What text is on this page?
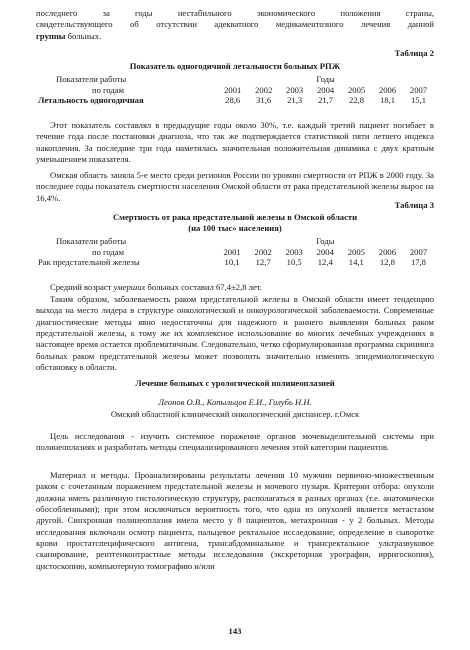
последнего за годы нестабильного экономического положения страны,

свидетельствующего об отсутствии адекватного медикаментозного лечения данной

группы больных.

Таблица 2

Показатель одногодичной летальности больных РПЖ
Показатели работы	Годы						
по годам	2001	2002	2003	2004	2005	2006	2007
Летальность одногодичная	28,6	31,6	21,3	21,7	22,8	18,1	15,1

Этот показатель составлял в предыдущие годы около 30%, т.е. каждый третий пациент погибает в течение года после постановки диагноза, что так же подтверждается статистикой пяти летнего индекса накопления. За последние три года наметилась значительная положительная динамика с двух кратным уменьшением показателя.

Омская область заняла 5-е место среди регионов России по уровню смертности от РПЖ в 2000 году. За последнее годы показатель смертности населения Омской области от рака предстательной железы вырос на 16,4%.

Таблица 3

Смертность от рака предстательной железы в Омской области
(на 100 тыс» населения)
Показатели работы	Годы						
по годам	2001	2002	2003	2004	2005	2006	2007
Рак предстательной железы	10,1	12,7	10,5	12,4	14,1	12,8	17,8

Средний возраст умерших больных составил 67,4±2,8 лет.

Таким образом, заболеваемость раком предстательной железы в Омской области имеет тенденцию выхода на место лидера в структуре онкологической и онкоурологической заболеваемости. Современные диагностические методы явно недостаточны для надежного и раннего выявления больных раком предстательной железы, к тому же их комплексное использование во многих лечебных учреждениях в настоящее время остается проблематичным. Следовательно, четко сформулированная программа скрининга больных раком предстательной железы может позволить значительно изменить эпидемиологическую обстановку в области.

Лечение больных с урологической полинеоплазией
Леонов О.В., Копыльцов Е.И., Голубь Н.Н.
Омский областной клинический онкологический диспансер. г.Омск

Цель исследования - изучить системное поражение органов мочевыделительной системы при полинеоплазиях и разработать методы специализированного лечения этой категории пациентов.

Материал и методы. Проанализированы результаты лечения 10 мужчин первично-множественным раком с сочетанным поражением предстательной железы и мочевого пузыря. Критерии отбора: опухоли должны иметь различную гистологическую структуру, располагаться в разных органах (т.е. анатомически обособленными); при этом исключаться вероятность того, что одна из опухолей является метастазом другой. Синхронная полинеоплазия имела место у 8 пациентов, метахронная - у 2 больных. Методы исследования включали осмотр пациента, пальцевое ректальное исследование, определение в сыворотке крови простатспецифического антигена, трансабдоминальное и трансректальное ультразвуковое сканирование, рентгенконтрастные методы исследования (экскреторная урография, ирригоскопия), цистоскопию, компьютерную томографию и/или

143
